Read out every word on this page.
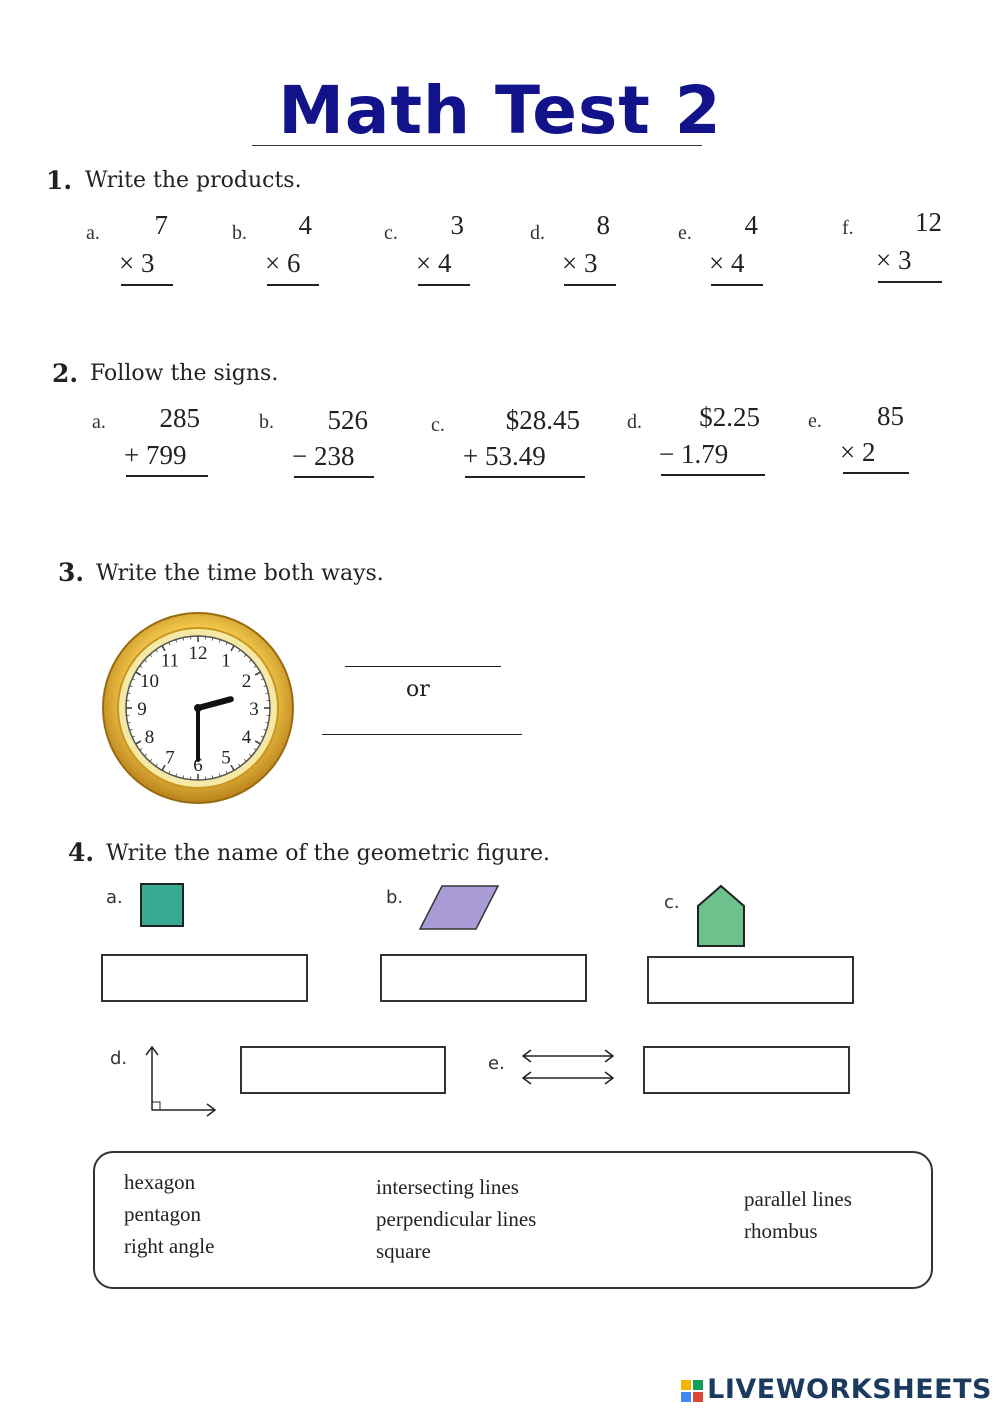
Math Test 2
1. Write the products.
a.	7
× 3
b.	4
× 6
c.	3
× 4
d.	8
× 3
e.	4
× 4
f.	12
× 3
2. Follow the signs.
a.	285
+ 799
b.	526
− 238
c.	$28.45
+ 53.49
d.	$2.25
− 1.79
e.	85
× 2
3. Write the time both ways.
12 1
2
3
4
5
6
7
8
9
10
11
or
4. Write the name of the geometric figure.
a.	b.	c.
d.	e.
hexagon
pentagon
right angle
intersecting lines
perpendicular lines
square
parallel lines
rhombus
LIVEWORKSHEETS
